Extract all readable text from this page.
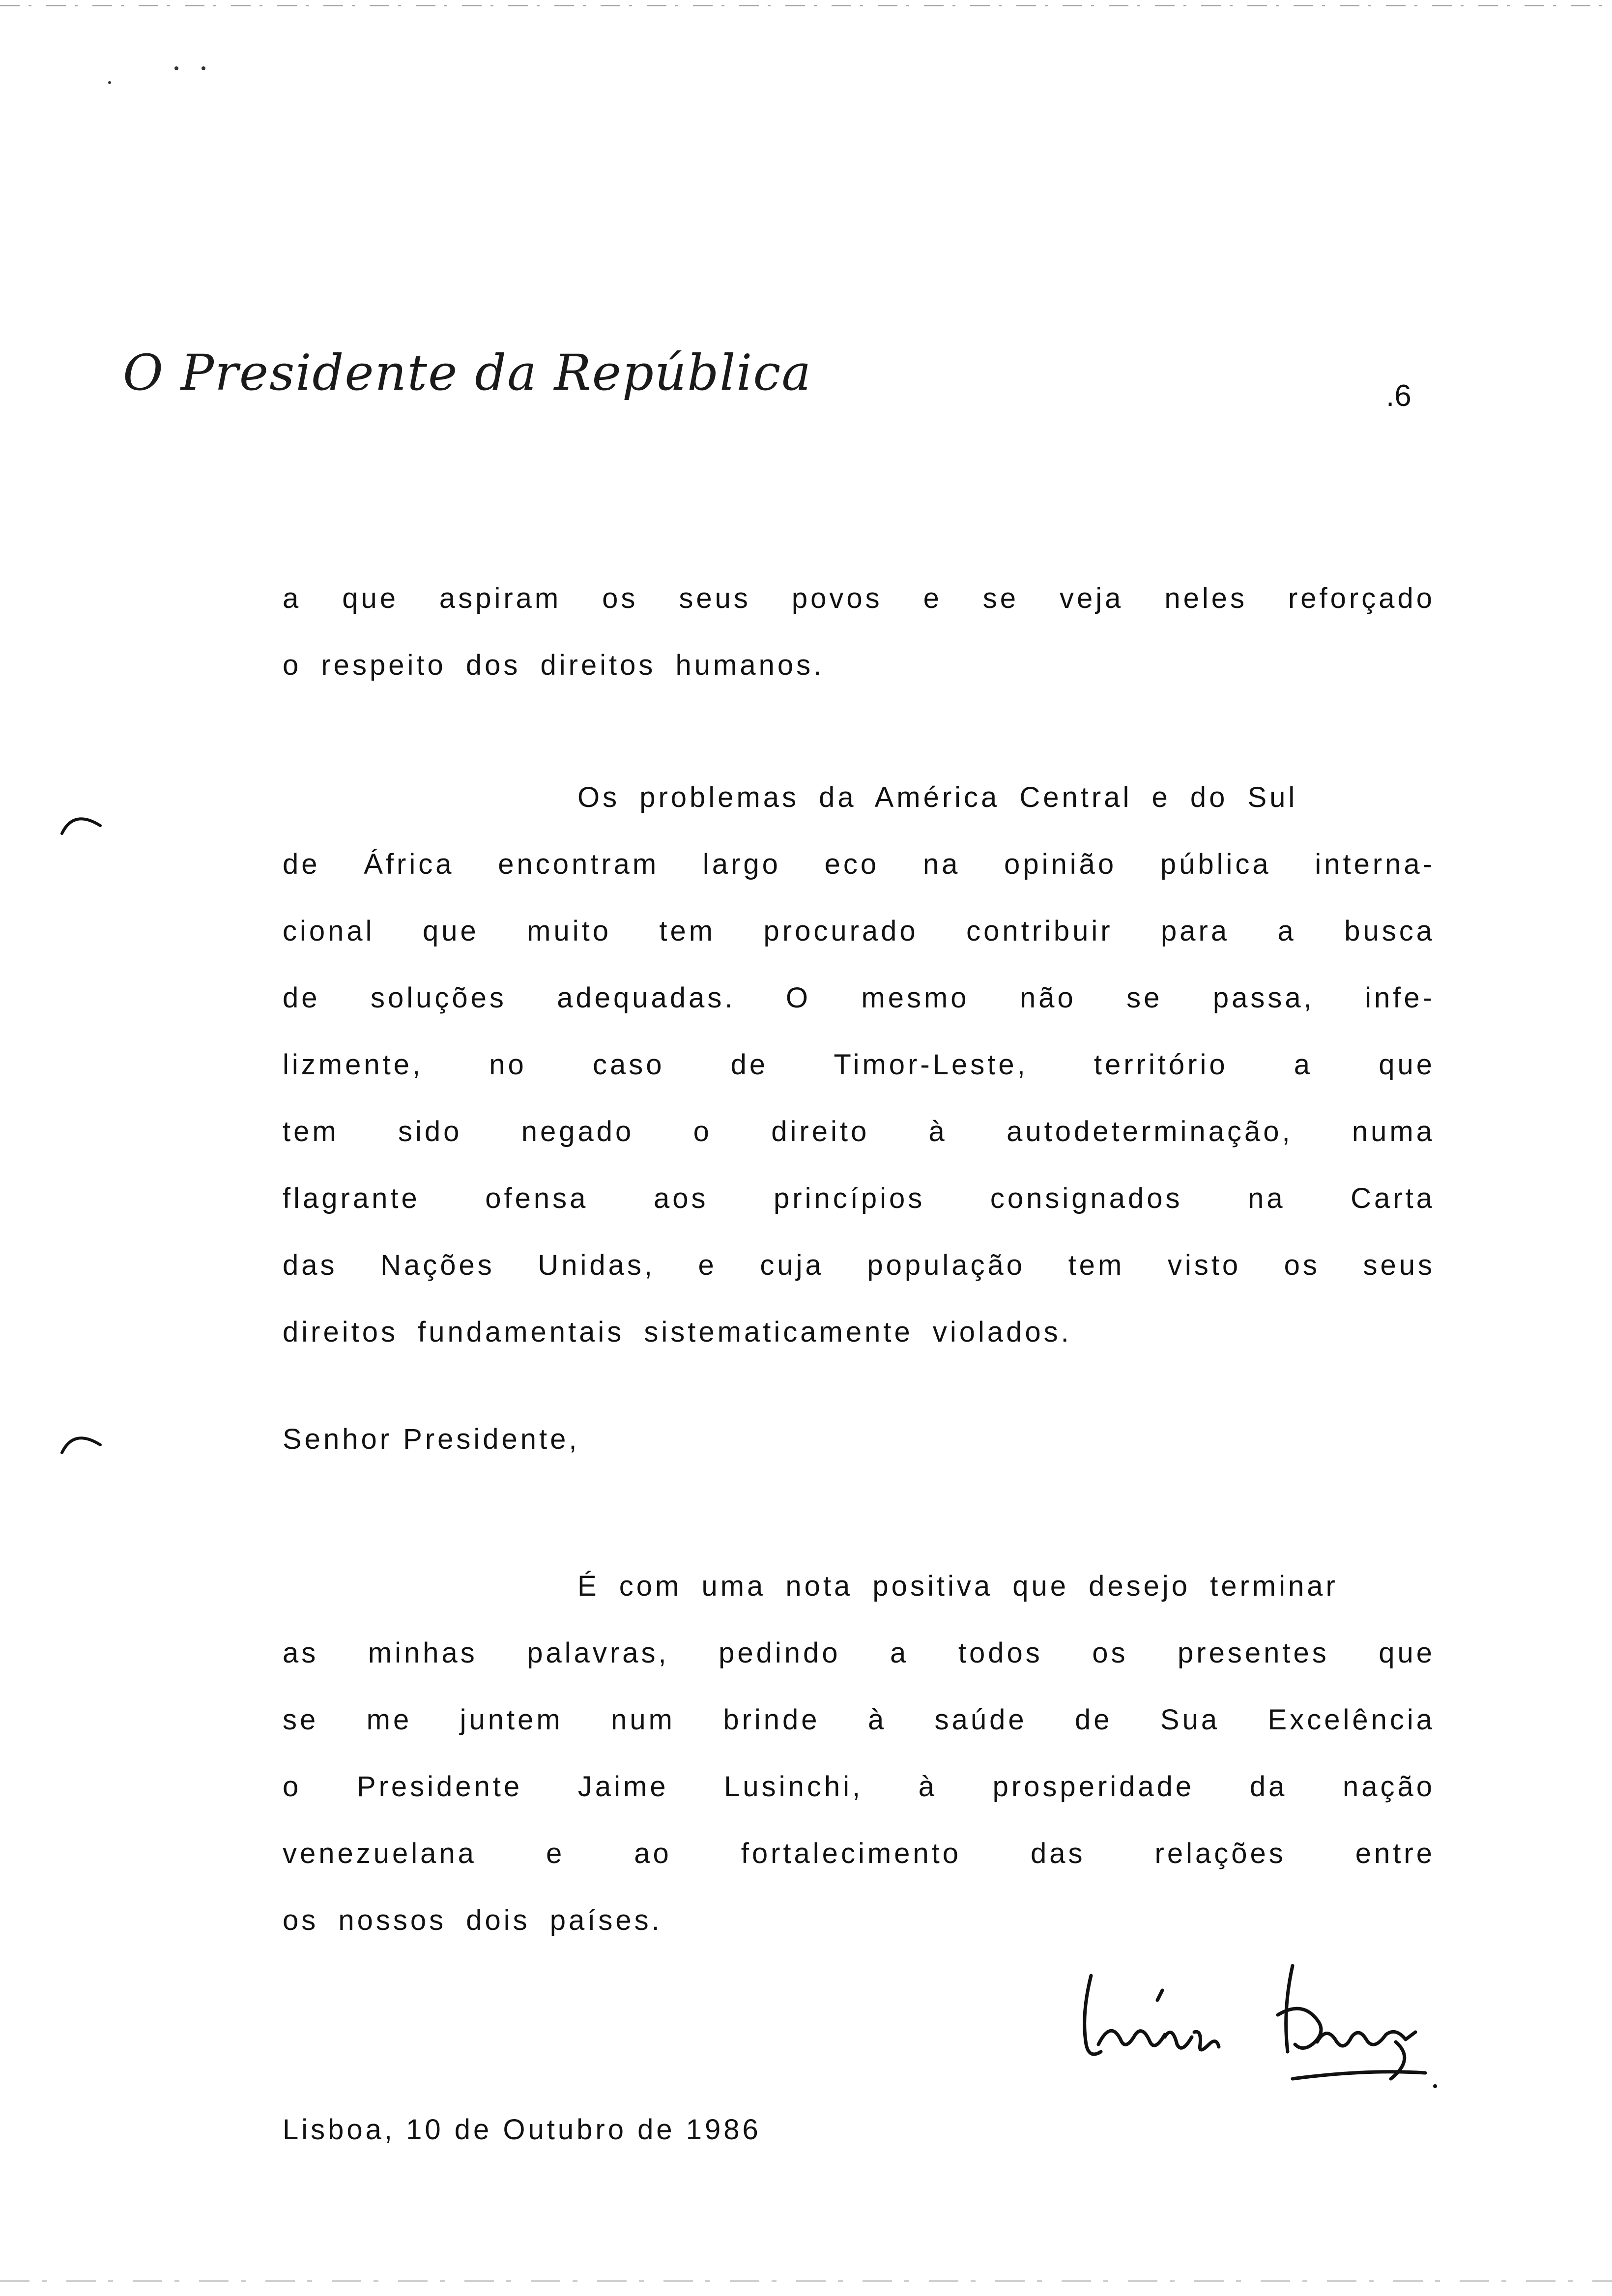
O Presidente da República	.6

a que aspiram os seus povos e se veja neles reforçado
o respeito dos direitos humanos.

Os problemas da América Central e do Sul
de África encontram largo eco na opinião pública interna-
cional que muito tem procurado contribuir para a busca
de soluções adequadas. O mesmo não se passa, infe-
lizmente, no caso de Timor-Leste, território a que
tem sido negado o direito à autodeterminação, numa
flagrante ofensa aos princípios consignados na Carta
das Nações Unidas, e cuja população tem visto os seus
direitos fundamentais sistematicamente violados.

Senhor Presidente,

É com uma nota positiva que desejo terminar
as minhas palavras, pedindo a todos os presentes que
se me juntem num brinde à saúde de Sua Excelência
o Presidente Jaime Lusinchi, à prosperidade da nação
venezuelana e ao fortalecimento das relações entre
os nossos dois países.

Lisboa, 10 de Outubro de 1986
